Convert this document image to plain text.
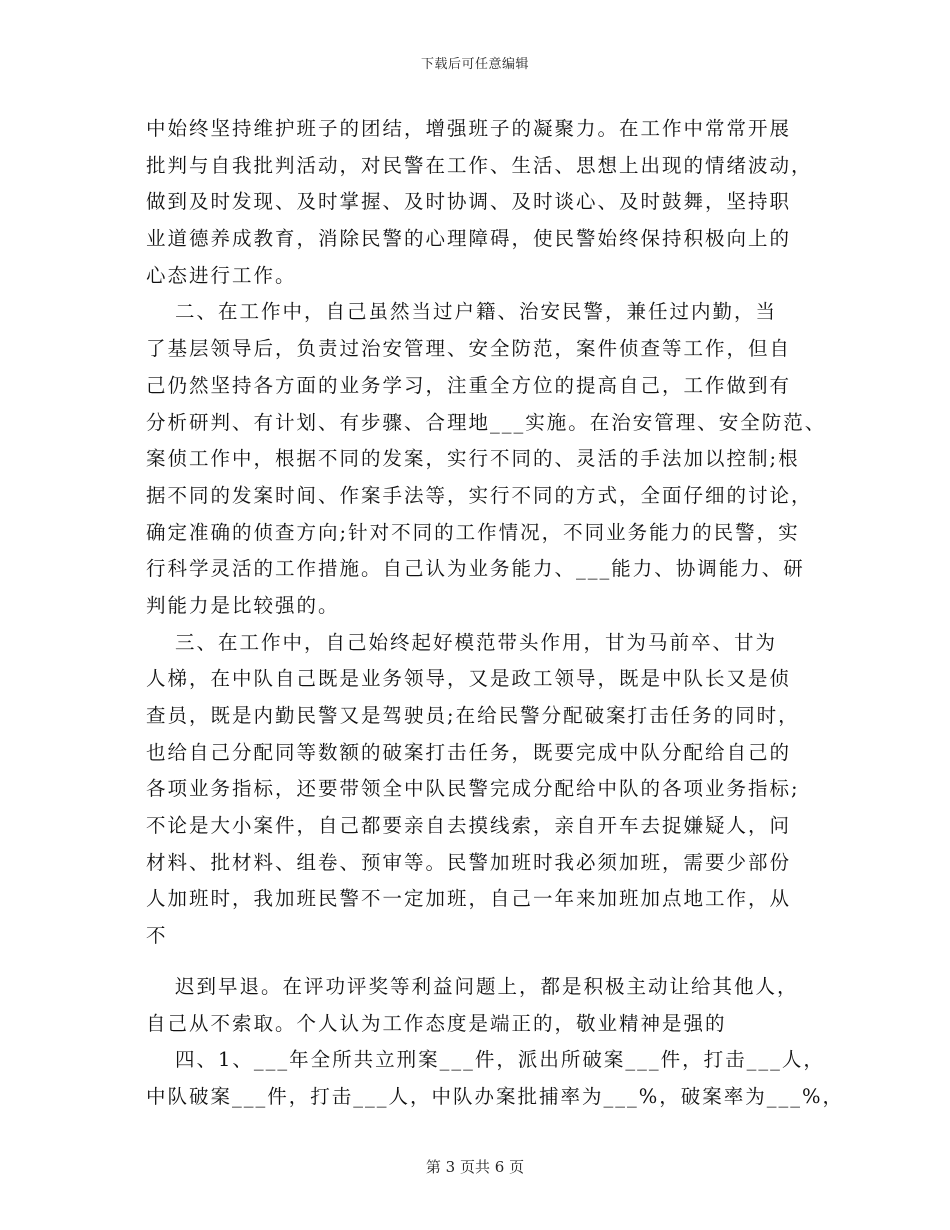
下载后可任意编辑
中始终坚持维护班子的团结，增强班子的凝聚力。在工作中常常开展
批判与自我批判活动，对民警在工作、生活、思想上出现的情绪波动，
做到及时发现、及时掌握、及时协调、及时谈心、及时鼓舞，坚持职
业道德养成教育，消除民警的心理障碍，使民警始终保持积极向上的
心态进行工作。
二、在工作中，自己虽然当过户籍、治安民警，兼任过内勤，当
了基层领导后，负责过治安管理、安全防范，案件侦查等工作，但自
己仍然坚持各方面的业务学习，注重全方位的提高自己，工作做到有
分析研判、有计划、有步骤、合理地___实施。在治安管理、安全防范、
案侦工作中，根据不同的发案，实行不同的、灵活的手法加以控制;根
据不同的发案时间、作案手法等，实行不同的方式，全面仔细的讨论，
确定准确的侦查方向;针对不同的工作情况，不同业务能力的民警，实
行科学灵活的工作措施。自己认为业务能力、___能力、协调能力、研
判能力是比较强的。
三、在工作中，自己始终起好模范带头作用，甘为马前卒、甘为
人梯，在中队自己既是业务领导，又是政工领导，既是中队长又是侦
查员，既是内勤民警又是驾驶员;在给民警分配破案打击任务的同时，
也给自己分配同等数额的破案打击任务，既要完成中队分配给自己的
各项业务指标，还要带领全中队民警完成分配给中队的各项业务指标;
不论是大小案件，自己都要亲自去摸线索，亲自开车去捉嫌疑人，问
材料、批材料、组卷、预审等。民警加班时我必须加班，需要少部份
人加班时，我加班民警不一定加班，自己一年来加班加点地工作，从
不
迟到早退。在评功评奖等利益问题上，都是积极主动让给其他人，
自己从不索取。个人认为工作态度是端正的，敬业精神是强的
四、1、___年全所共立刑案___件，派出所破案___件，打击___人，
中队破案___件，打击___人，中队办案批捕率为___%，破案率为___%，
第 3 页共 6 页
